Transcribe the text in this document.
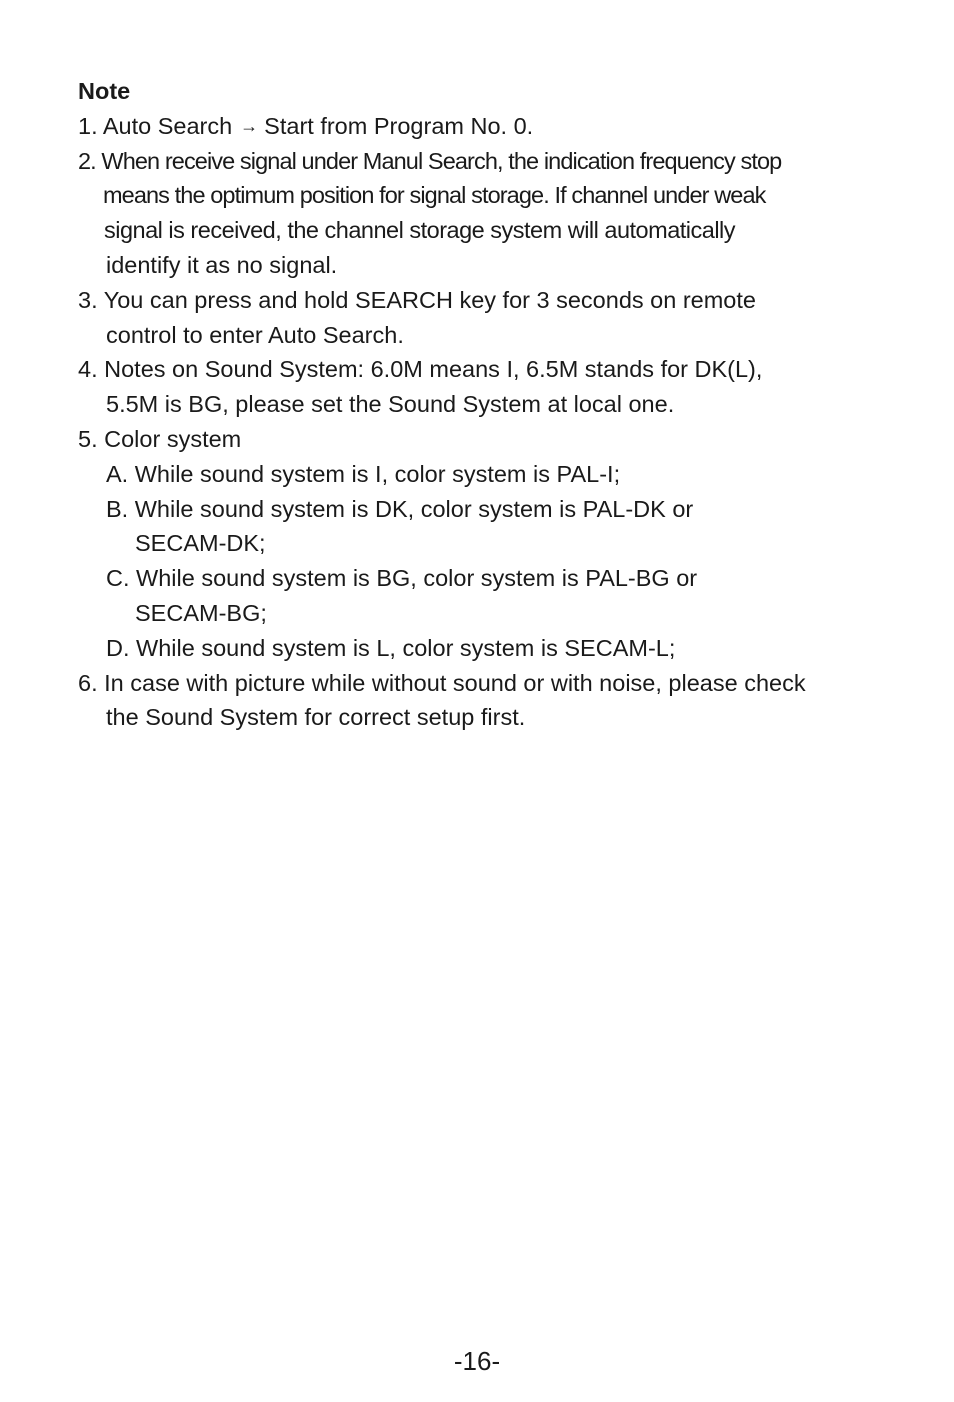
Note
1. Auto Search → Start from Program No. 0.
2. When receive signal under Manul Search, the indication frequency stop
means the optimum position for signal storage. If channel under weak
signal is received, the channel storage system will automatically
identify it as no signal.
3. You can press and hold SEARCH key for 3 seconds on remote
control to enter Auto Search.
4. Notes on Sound System: 6.0M means I, 6.5M stands for DK(L),
5.5M is BG, please set the Sound System at local one.
5. Color system
A. While sound system is I, color system is PAL-I;
B. While sound system is DK, color system is PAL-DK or
SECAM-DK;
C. While sound system is BG, color system is PAL-BG or
SECAM-BG;
D. While sound system is L, color system is SECAM-L;
6. In case with picture while without sound or with noise, please check
the Sound System for correct setup first.
-16-
